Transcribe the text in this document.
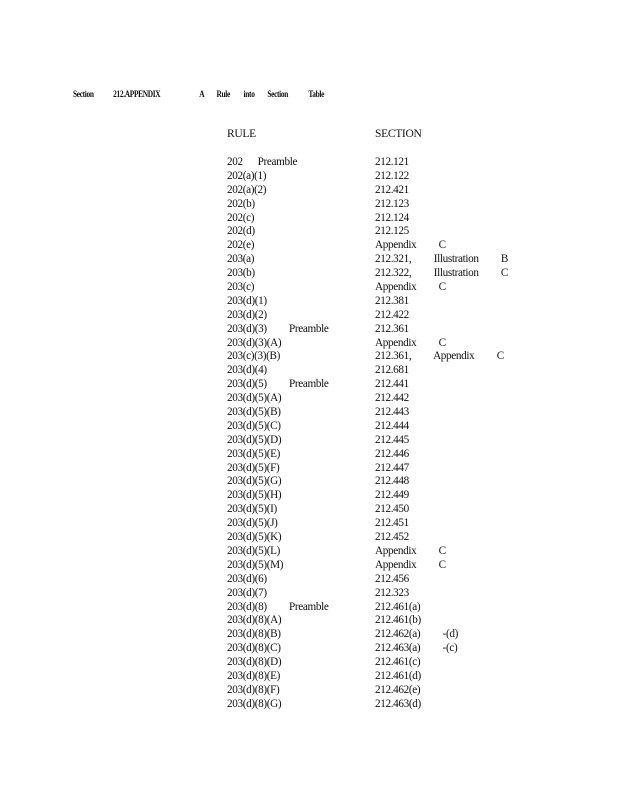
Section 212.APPENDIX	A Rule into Section Table
RULE	SECTION
202  Preamble	212.121
202(a)(1)	212.122
202(a)(2)	212.421
202(b)	212.123
202(c)	212.124
202(d)	212.125
202(e)	Appendix   C
203(a)	212.321,   Illustration   B
203(b)	212.322,   Illustration   C
203(c)	Appendix   C
203(d)(1)	212.381
203(d)(2)	212.422
203(d)(3)   Preamble	212.361
203(d)(3)(A)	Appendix   C
203(c)(3)(B)	212.361,   Appendix   C
203(d)(4)	212.681
203(d)(5)   Preamble	212.441
203(d)(5)(A)	212.442
203(d)(5)(B)	212.443
203(d)(5)(C)	212.444
203(d)(5)(D)	212.445
203(d)(5)(E)	212.446
203(d)(5)(F)	212.447
203(d)(5)(G)	212.448
203(d)(5)(H)	212.449
203(d)(5)(I)	212.450
203(d)(5)(J)	212.451
203(d)(5)(K)	212.452
203(d)(5)(L)	Appendix   C
203(d)(5)(M)	Appendix   C
203(d)(6)	212.456
203(d)(7)	212.323
203(d)(8)   Preamble	212.461(a)
203(d)(8)(A)	212.461(b)
203(d)(8)(B)	212.462(a)   -(d)
203(d)(8)(C)	212.463(a)   -(c)
203(d)(8)(D)	212.461(c)
203(d)(8)(E)	212.461(d)
203(d)(8)(F)	212.462(e)
203(d)(8)(G)	212.463(d)
